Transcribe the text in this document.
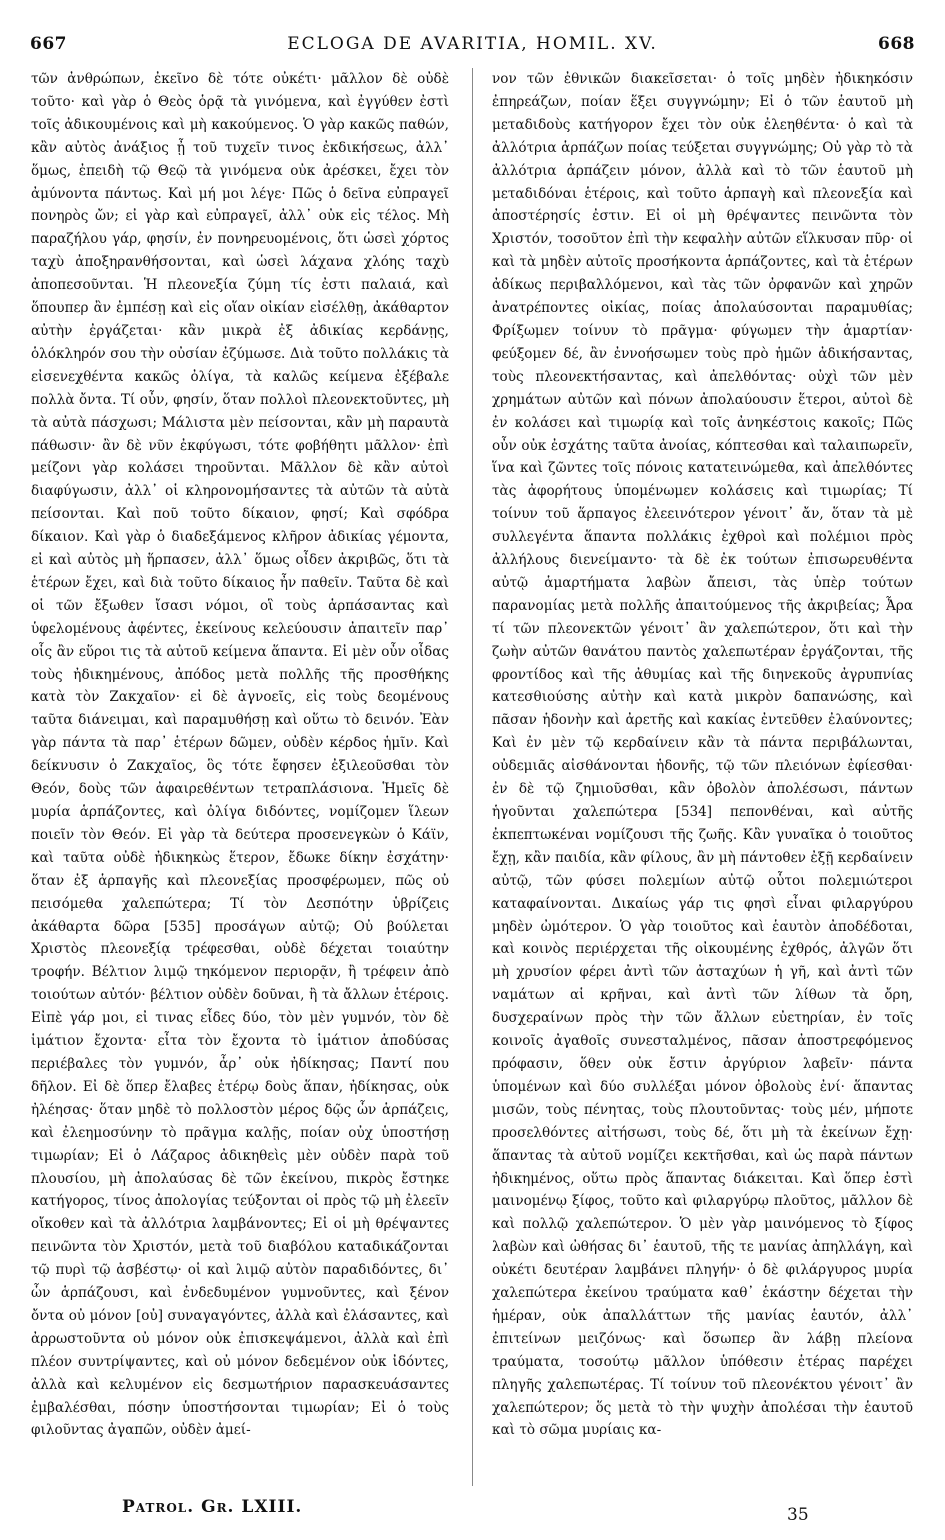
667	ECLOGA DE AVARITIA, HOMIL. XV.	668

τῶν ἀνθρώπων, ἐκεῖνο δὲ τότε οὐκέτι· μᾶλλον δὲ οὐδὲ τοῦτο· καὶ γὰρ ὁ Θεὸς ὁρᾷ τὰ γινόμενα, καὶ ἐγγύθεν ἐστὶ τοῖς ἀδικουμένοις καὶ μὴ κακούμενος. Ὁ γὰρ κακῶς παθών, κἂν αὐτὸς ἀνάξιος ᾖ τοῦ τυχεῖν τινος ἐκδικήσεως, ἀλλ᾽ ὅμως, ἐπειδὴ τῷ Θεῷ τὰ γινόμενα οὐκ ἀρέσκει, ἔχει τὸν ἀμύνοντα πάντως. Καὶ μή μοι λέγε· Πῶς ὁ δεῖνα εὐπραγεῖ πονηρὸς ὤν; εἰ γὰρ καὶ εὐπραγεῖ, ἀλλ᾽ οὐκ εἰς τέλος. Μὴ παραζήλου γάρ, φησίν, ἐν πονηρευομένοις, ὅτι ὡσεὶ χόρτος ταχὺ ἀποξηρανθήσονται, καὶ ὡσεὶ λάχανα χλόης ταχὺ ἀποπεσοῦνται. Ἡ πλεονεξία ζύμη τίς ἐστι παλαιά, καὶ ὅπουπερ ἂν ἐμπέσῃ καὶ εἰς οἵαν οἰκίαν εἰσέλθῃ, ἀκάθαρτον αὐτὴν ἐργάζεται· κἂν μικρὰ ἐξ ἀδικίας κερδάνῃς, ὁλόκληρόν σου τὴν οὐσίαν ἐζύμωσε. Διὰ τοῦτο πολλάκις τὰ εἰσενεχθέντα κακῶς ὀλίγα, τὰ καλῶς κείμενα ἐξέβαλε πολλὰ ὄντα. Τί οὖν, φησίν, ὅταν πολλοὶ πλεονεκτοῦντες, μὴ τὰ αὐτὰ πάσχωσι; Μάλιστα μὲν πείσονται, κἂν μὴ παραυτὰ πάθωσιν· ἂν δὲ νῦν ἐκφύγωσι, τότε φοβήθητι μᾶλλον· ἐπὶ μείζονι γὰρ κολάσει τηροῦνται. Μᾶλλον δὲ κἂν αὐτοὶ διαφύγωσιν, ἀλλ᾽ οἱ κληρονομήσαντες τὰ αὐτῶν τὰ αὐτὰ πείσονται. Καὶ ποῦ τοῦτο δίκαιον, φησί; Καὶ σφόδρα δίκαιον. Καὶ γὰρ ὁ διαδεξάμενος κλῆρον ἀδικίας γέμοντα, εἰ καὶ αὐτὸς μὴ ἥρπασεν, ἀλλ᾽ ὅμως οἶδεν ἀκριβῶς, ὅτι τὰ ἑτέρων ἔχει, καὶ διὰ τοῦτο δίκαιος ἦν παθεῖν. Ταῦτα δὲ καὶ οἱ τῶν ἔξωθεν ἴσασι νόμοι, οἳ τοὺς ἁρπάσαντας καὶ ὑφελομένους ἀφέντες, ἐκείνους κελεύουσιν ἀπαιτεῖν παρ᾽ οἷς ἂν εὕροι τις τὰ αὐτοῦ κείμενα ἅπαντα. Εἰ μὲν οὖν οἶδας τοὺς ἠδικημένους, ἀπόδος μετὰ πολλῆς τῆς προσθήκης κατὰ τὸν Ζακχαῖον· εἰ δὲ ἀγνοεῖς, εἰς τοὺς δεομένους ταῦτα διάνειμαι, καὶ παραμυθήσῃ καὶ οὕτω τὸ δεινόν. Ἐὰν γὰρ πάντα τὰ παρ᾽ ἑτέρων δῶμεν, οὐδὲν κέρδος ἡμῖν. Καὶ δείκνυσιν ὁ Ζακχαῖος, ὃς τότε ἔφησεν ἐξιλεοῦσθαι τὸν Θεόν, δοὺς τῶν ἀφαιρεθέντων τετραπλάσιονα. Ἡμεῖς δὲ μυρία ἁρπάζοντες, καὶ ὀλίγα διδόντες, νομίζομεν ἵλεων ποιεῖν τὸν Θεόν. Εἰ γὰρ τὰ δεύτερα προσενεγκὼν ὁ Κάϊν, καὶ ταῦτα οὐδὲ ἠδικηκὼς ἕτερον, ἔδωκε δίκην ἐσχάτην· ὅταν ἐξ ἁρπαγῆς καὶ πλεονεξίας προσφέρωμεν, πῶς οὐ πεισόμεθα χαλεπώτερα; Τί τὸν Δεσπότην ὑβρίζεις ἀκάθαρτα δῶρα [535] προσάγων αὐτῷ; Οὐ βούλεται Χριστὸς πλεονεξίᾳ τρέφεσθαι, οὐδὲ δέχεται τοιαύτην τροφήν. Βέλτιον λιμῷ τηκόμενον περιορᾷν, ἢ τρέφειν ἀπὸ τοιούτων αὐτόν· βέλτιον οὐδὲν δοῦναι, ἢ τὰ ἄλλων ἑτέροις. Εἰπὲ γάρ μοι, εἰ τινας εἶδες δύο, τὸν μὲν γυμνόν, τὸν δὲ ἱμάτιον ἔχοντα· εἶτα τὸν ἔχοντα τὸ ἱμάτιον ἀποδύσας περιέβαλες τὸν γυμνόν, ἆρ᾽ οὐκ ἠδίκησας; Παντί που δῆλον. Εἰ δὲ ὅπερ ἔλαβες ἑτέρῳ δοὺς ἅπαν, ἠδίκησας, οὐκ ἠλέησας· ὅταν μηδὲ τὸ πολλοστὸν μέρος δῷς ὧν ἁρπάζεις, καὶ ἐλεημοσύνην τὸ πρᾶγμα καλῇς, ποίαν οὐχ ὑποστήσῃ τιμωρίαν; Εἰ ὁ Λάζαρος ἀδικηθεὶς μὲν οὐδὲν παρὰ τοῦ πλουσίου, μὴ ἀπολαύσας δὲ τῶν ἐκείνου, πικρὸς ἔστηκε κατήγορος, τίνος ἀπολογίας τεύξονται οἱ πρὸς τῷ μὴ ἐλεεῖν οἴκοθεν καὶ τὰ ἀλλότρια λαμβάνοντες; Εἰ οἱ μὴ θρέψαντες πεινῶντα τὸν Χριστόν, μετὰ τοῦ διαβόλου καταδικάζονται τῷ πυρὶ τῷ ἀσβέστῳ· οἱ καὶ λιμῷ αὐτὸν παραδιδόντες, δι᾽ ὧν ἁρπάζουσι, καὶ ἐνδεδυμένον γυμνοῦντες, καὶ ξένον ὄντα οὐ μόνον [οὐ] συναγαγόντες, ἀλλὰ καὶ ἐλάσαντες, καὶ ἀρρωστοῦντα οὐ μόνον οὐκ ἐπισκεψάμενοι, ἀλλὰ καὶ ἐπὶ πλέον συντρίψαντες, καὶ οὐ μόνον δεδεμένον οὐκ ἰδόντες, ἀλλὰ καὶ κελυμένον εἰς δεσμωτήριον παρασκευάσαντες ἐμβαλέσθαι, πόσην ὑποστήσονται τιμωρίαν; Εἰ ὁ τοὺς φιλοῦντας ἀγαπῶν, οὐδὲν ἀμεί-

νον τῶν ἐθνικῶν διακεῖσεται· ὁ τοῖς μηδὲν ἠδικηκόσιν ἐπηρεάζων, ποίαν ἕξει συγγνώμην; Εἰ ὁ τῶν ἑαυτοῦ μὴ μεταδιδοὺς κατήγορον ἔχει τὸν οὐκ ἐλεηθέντα· ὁ καὶ τὰ ἀλλότρια ἁρπάζων ποίας τεύξεται συγγνώμης; Οὐ γὰρ τὸ τὰ ἀλλότρια ἁρπάζειν μόνον, ἀλλὰ καὶ τὸ τῶν ἑαυτοῦ μὴ μεταδιδόναι ἑτέροις, καὶ τοῦτο ἁρπαγὴ καὶ πλεονεξία καὶ ἀποστέρησίς ἐστιν. Εἰ οἱ μὴ θρέψαντες πεινῶντα τὸν Χριστόν, τοσοῦτον ἐπὶ τὴν κεφαλὴν αὐτῶν εἵλκυσαν πῦρ· οἱ καὶ τὰ μηδὲν αὐτοῖς προσήκοντα ἁρπάζοντες, καὶ τὰ ἑτέρων ἀδίκως περιβαλλόμενοι, καὶ τὰς τῶν ὀρφανῶν καὶ χηρῶν ἀνατρέποντες οἰκίας, ποίας ἀπολαύσονται παραμυθίας; Φρίξωμεν τοίνυν τὸ πρᾶγμα· φύγωμεν τὴν ἁμαρτίαν· φεύξομεν δέ, ἂν ἐννοήσωμεν τοὺς πρὸ ἡμῶν ἀδικήσαντας, τοὺς πλεονεκτήσαντας, καὶ ἀπελθόντας· οὐχὶ τῶν μὲν χρημάτων αὐτῶν καὶ πόνων ἀπολαύουσιν ἕτεροι, αὐτοὶ δὲ ἐν κολάσει καὶ τιμωρίᾳ καὶ τοῖς ἀνηκέστοις κακοῖς; Πῶς οὖν οὐκ ἐσχάτης ταῦτα ἀνοίας, κόπτεσθαι καὶ ταλαιπωρεῖν, ἵνα καὶ ζῶντες τοῖς πόνοις κατατεινώμεθα, καὶ ἀπελθόντες τὰς ἀφορήτους ὑπομένωμεν κολάσεις καὶ τιμωρίας; Τί τοίνυν τοῦ ἅρπαγος ἐλεεινότερον γένοιτ᾽ ἄν, ὅταν τὰ μὲ συλλεγέντα ἅπαντα πολλάκις ἐχθροὶ καὶ πολέμιοι πρὸς ἀλλήλους διενείμαντο· τὰ δὲ ἐκ τούτων ἐπισωρευθέντα αὐτῷ ἁμαρτήματα λαβὼν ἄπεισι, τὰς ὑπὲρ τούτων παρανομίας μετὰ πολλῆς ἀπαιτούμενος τῆς ἀκριβείας; Ἆρα τί τῶν πλεονεκτῶν γένοιτ᾽ ἂν χαλεπώτερον, ὅτι καὶ τὴν ζωὴν αὐτῶν θανάτου παντὸς χαλεπωτέραν ἐργάζονται, τῆς φροντίδος καὶ τῆς ἀθυμίας καὶ τῆς διηνεκοῦς ἀγρυπνίας κατεσθιούσης αὐτὴν καὶ κατὰ μικρὸν δαπανώσης, καὶ πᾶσαν ἡδονὴν καὶ ἀρετῆς καὶ κακίας ἐντεῦθεν ἐλαύνοντες; Καὶ ἐν μὲν τῷ κερδαίνειν κἂν τὰ πάντα περιβάλωνται, οὐδεμιᾶς αἰσθάνονται ἡδονῆς, τῷ τῶν πλειόνων ἐφίεσθαι· ἐν δὲ τῷ ζημιοῦσθαι, κἂν ὀβολὸν ἀπολέσωσι, πάντων ἡγοῦνται χαλεπώτερα [534] πεπονθέναι, καὶ αὐτῆς ἐκπεπτωκέναι νομίζουσι τῆς ζωῆς. Κἂν γυναῖκα ὁ τοιοῦτος ἔχῃ, κἂν παιδία, κἂν φίλους, ἂν μὴ πάντοθεν ἐξῇ κερδαίνειν αὐτῷ, τῶν φύσει πολεμίων αὐτῷ οὗτοι πολεμιώτεροι καταφαίνονται. Δικαίως γάρ τις φησὶ εἶναι φιλαργύρου μηδὲν ὠμότερον. Ὁ γὰρ τοιοῦτος καὶ ἑαυτὸν ἀποδέδοται, καὶ κοινὸς περιέρχεται τῆς οἰκουμένης ἐχθρός, ἀλγῶν ὅτι μὴ χρυσίον φέρει ἀντὶ τῶν ἀσταχύων ἡ γῆ, καὶ ἀντὶ τῶν ναμάτων αἱ κρῆναι, καὶ ἀντὶ τῶν λίθων τὰ ὄρη, δυσχεραίνων πρὸς τὴν τῶν ἄλλων εὐετηρίαν, ἐν τοῖς κοινοῖς ἀγαθοῖς συνεσταλμένος, πᾶσαν ἀποστρεφόμενος πρόφασιν, ὅθεν οὐκ ἔστιν ἀργύριον λαβεῖν· πάντα ὑπομένων καὶ δύο συλλέξαι μόνον ὀβολοὺς ἐνί· ἅπαντας μισῶν, τοὺς πένητας, τοὺς πλουτοῦντας· τοὺς μέν, μήποτε προσελθόντες αἰτήσωσι, τοὺς δέ, ὅτι μὴ τὰ ἐκείνων ἔχῃ· ἅπαντας τὰ αὐτοῦ νομίζει κεκτῆσθαι, καὶ ὡς παρὰ πάντων ἠδικημένος, οὕτω πρὸς ἅπαντας διάκειται. Καὶ ὅπερ ἐστὶ μαινομένῳ ξίφος, τοῦτο καὶ φιλαργύρῳ πλοῦτος, μᾶλλον δὲ καὶ πολλῷ χαλεπώτερον. Ὁ μὲν γὰρ μαινόμενος τὸ ξίφος λαβὼν καὶ ὠθήσας δι᾽ ἑαυτοῦ, τῆς τε μανίας ἀπηλλάγη, καὶ οὐκέτι δευτέραν λαμβάνει πληγήν· ὁ δὲ φιλάργυρος μυρία χαλεπώτερα ἐκείνου τραύματα καθ᾽ ἑκάστην δέχεται τὴν ἡμέραν, οὐκ ἀπαλλάττων τῆς μανίας ἑαυτόν, ἀλλ᾽ ἐπιτείνων μειζόνως· καὶ ὅσωπερ ἂν λάβῃ πλείονα τραύματα, τοσούτῳ μᾶλλον ὑπόθεσιν ἑτέρας παρέχει πληγῆς χαλεπωτέρας. Τί τοίνυν τοῦ πλεονέκτου γένοιτ᾽ ἂν χαλεπώτερον; ὅς μετὰ τὸ τὴν ψυχὴν ἀπολέσαι τὴν ἑαυτοῦ καὶ τὸ σῶμα μυρίαις κα-

Patrol. Gr. LXIII.	35
